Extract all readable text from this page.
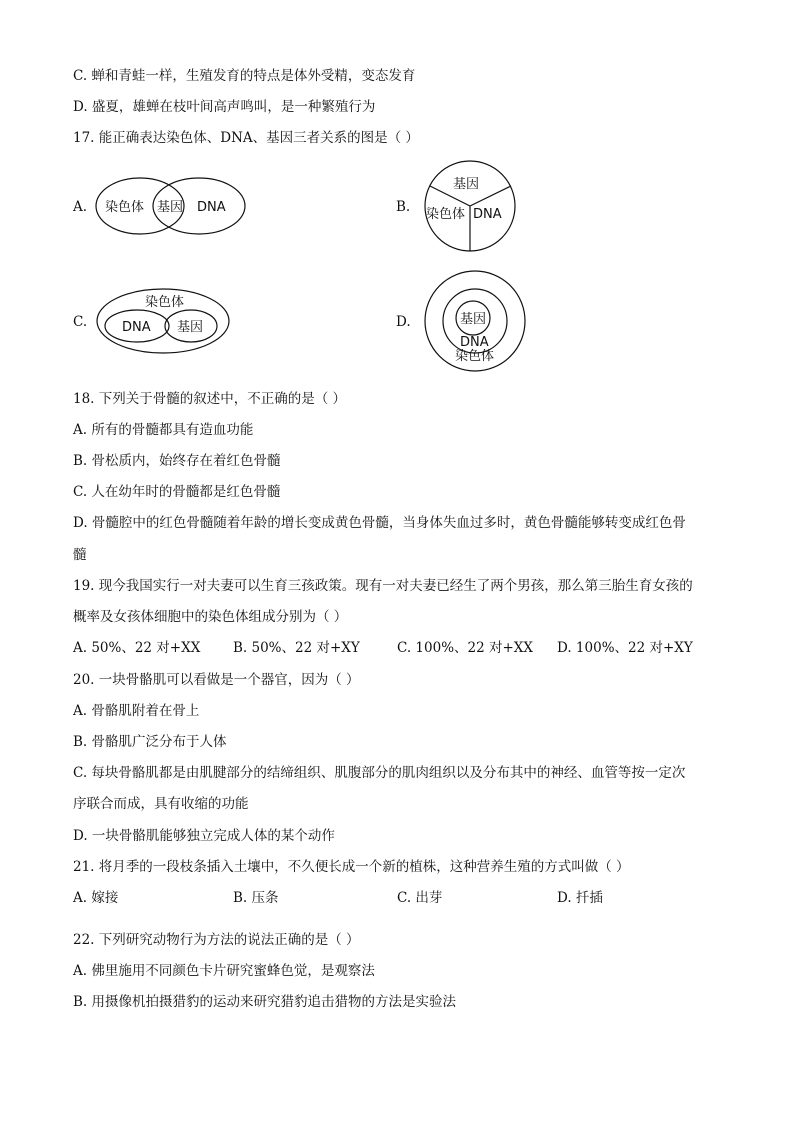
C. 蝉和青蛙一样，生殖发育的特点是体外受精，变态发育
D. 盛夏，雄蝉在枝叶间高声鸣叫，是一种繁殖行为
17. 能正确表达染色体、DNA、基因三者关系的图是（ ）
A. 染色体 基因 DNA	B.
基因
染色体 DNA
C.
染色体
DNA 基因	D.	基因
DNA
染色体
18. 下列关于骨髓的叙述中，不正确的是（ ）
A. 所有的骨髓都具有造血功能
B. 骨松质内，始终存在着红色骨髓
C. 人在幼年时的骨髓都是红色骨髓
D. 骨髓腔中的红色骨髓随着年龄的增长变成黄色骨髓，当身体失血过多时，黄色骨髓能够转变成红色骨
髓
19. 现今我国实行一对夫妻可以生育三孩政策。现有一对夫妻已经生了两个男孩，那么第三胎生育女孩的
概率及女孩体细胞中的染色体组成分别为（ ）
A. 50%、22 对+XX B. 50%、22 对+XY	C. 100%、22 对+XX D. 100%、22 对+XY
20. 一块骨骼肌可以看做是一个器官，因为（ ）
A. 骨骼肌附着在骨上
B. 骨骼肌广泛分布于人体
C. 每块骨骼肌都是由肌腱部分的结缔组织、肌腹部分的肌肉组织以及分布其中的神经、血管等按一定次
序联合而成，具有收缩的功能
D. 一块骨骼肌能够独立完成人体的某个动作
21. 将月季的一段枝条插入土壤中，不久便长成一个新的植株，这种营养生殖的方式叫做（ ）
A. 嫁接	B. 压条	C. 出芽	D. 扦插
22. 下列研究动物行为方法的说法正确的是（ ）
A. 佛里施用不同颜色卡片研究蜜蜂色觉，是观察法
B. 用摄像机拍摄猎豹的运动来研究猎豹追击猎物的方法是实验法
